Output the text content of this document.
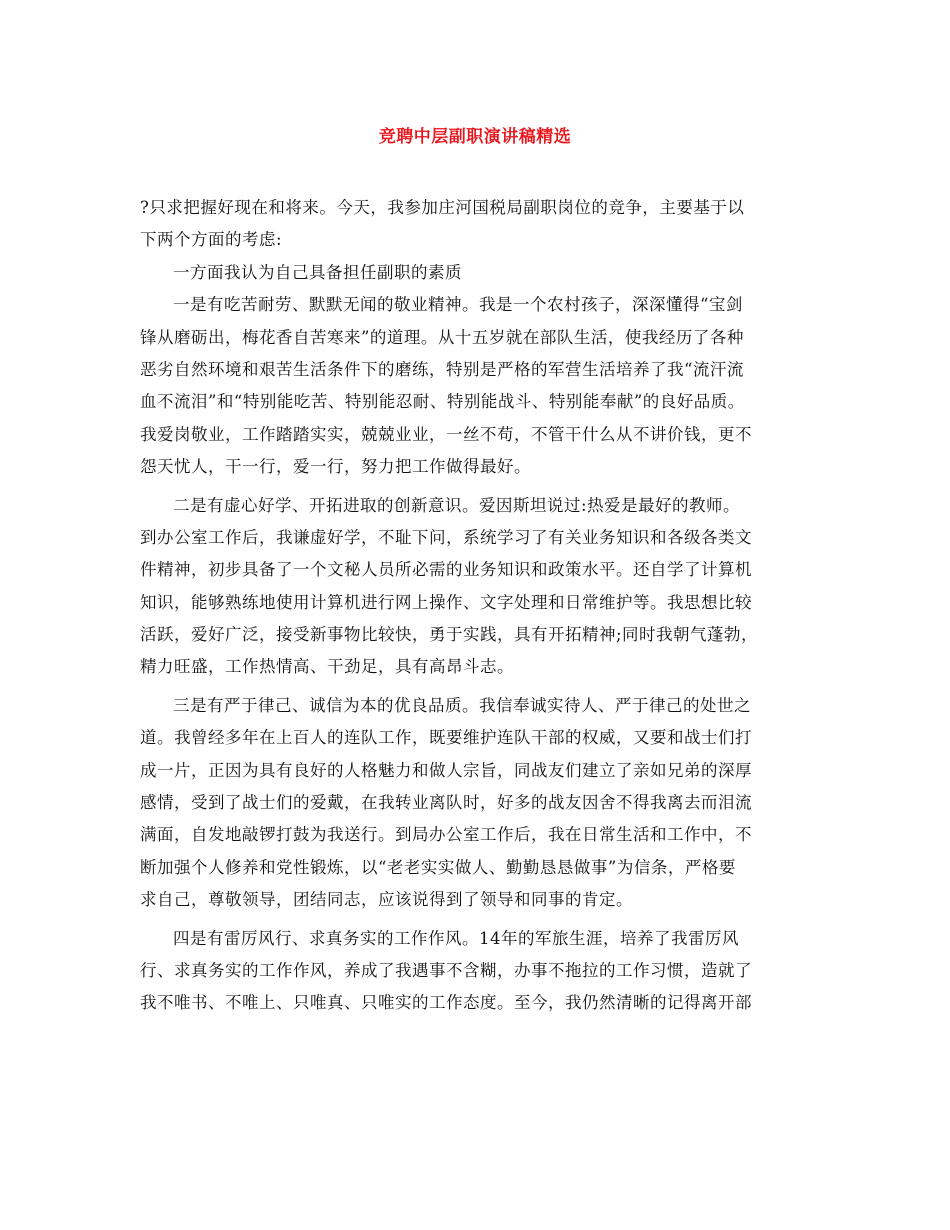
竞聘中层副职演讲稿精选
?只求把握好现在和将来。今天，我参加庄河国税局副职岗位的竞争，主要基于以
下两个方面的考虑:
一方面我认为自己具备担任副职的素质
一是有吃苦耐劳、默默无闻的敬业精神。我是一个农村孩子，深深懂得“宝剑
锋从磨砺出，梅花香自苦寒来”的道理。从十五岁就在部队生活，使我经历了各种
恶劣自然环境和艰苦生活条件下的磨练，特别是严格的军营生活培养了我“流汗流
血不流泪”和“特别能吃苦、特别能忍耐、特别能战斗、特别能奉献”的良好品质。
我爱岗敬业，工作踏踏实实，兢兢业业，一丝不苟，不管干什么从不讲价钱，更不
怨天忧人，干一行，爱一行，努力把工作做得最好。
二是有虚心好学、开拓进取的创新意识。爱因斯坦说过:热爱是最好的教师。
到办公室工作后，我谦虚好学，不耻下问，系统学习了有关业务知识和各级各类文
件精神，初步具备了一个文秘人员所必需的业务知识和政策水平。还自学了计算机
知识，能够熟练地使用计算机进行网上操作、文字处理和日常维护等。我思想比较
活跃，爱好广泛，接受新事物比较快，勇于实践，具有开拓精神;同时我朝气蓬勃，
精力旺盛，工作热情高、干劲足，具有高昂斗志。
三是有严于律己、诚信为本的优良品质。我信奉诚实待人、严于律己的处世之
道。我曾经多年在上百人的连队工作，既要维护连队干部的权威，又要和战士们打
成一片，正因为具有良好的人格魅力和做人宗旨，同战友们建立了亲如兄弟的深厚
感情，受到了战士们的爱戴，在我转业离队时，好多的战友因舍不得我离去而泪流
满面，自发地敲锣打鼓为我送行。到局办公室工作后，我在日常生活和工作中，不
断加强个人修养和党性锻炼，以“老老实实做人、勤勤恳恳做事”为信条，严格要
求自己，尊敬领导，团结同志，应该说得到了领导和同事的肯定。
四是有雷厉风行、求真务实的工作作风。14年的军旅生涯，培养了我雷厉风
行、求真务实的工作作风，养成了我遇事不含糊，办事不拖拉的工作习惯，造就了
我不唯书、不唯上、只唯真、只唯实的工作态度。至今，我仍然清晰的记得离开部
